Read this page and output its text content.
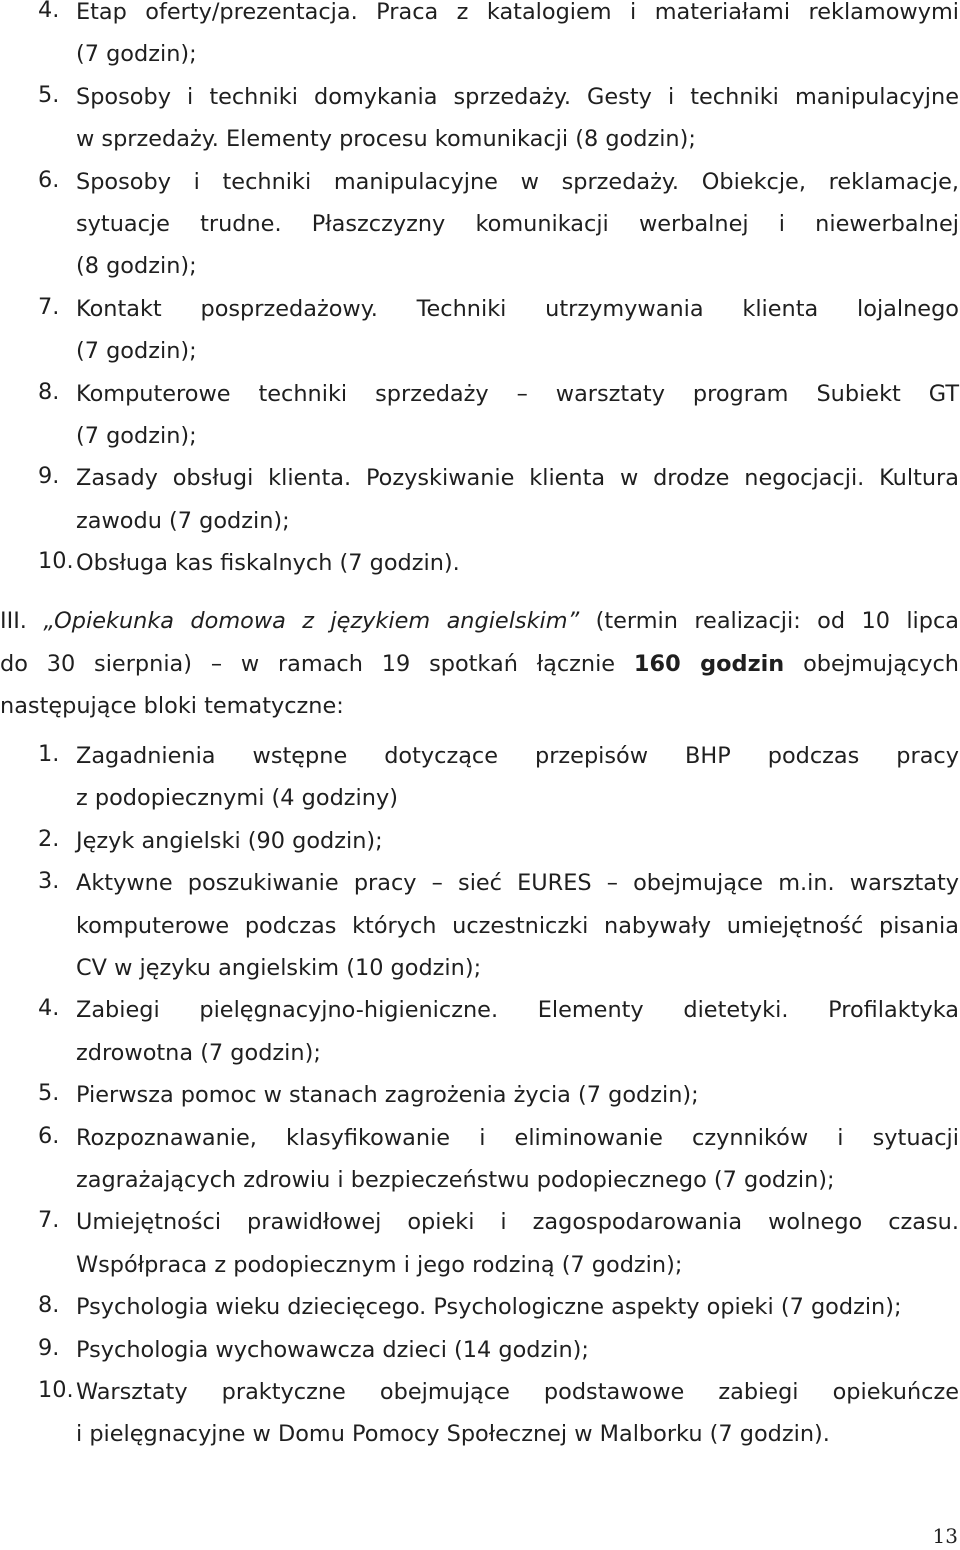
4. Etap oferty/prezentacja. Praca z katalogiem i materiałami reklamowymi
(7 godzin);
5. Sposoby i techniki domykania sprzedaży. Gesty i techniki manipulacyjne
w sprzedaży. Elementy procesu komunikacji (8 godzin);
6. Sposoby i techniki manipulacyjne w sprzedaży. Obiekcje, reklamacje,
sytuacje trudne. Płaszczyzny komunikacji werbalnej i niewerbalnej
(8 godzin);
7. Kontakt posprzedażowy. Techniki utrzymywania klienta lojalnego
(7 godzin);
8. Komputerowe techniki sprzedaży – warsztaty program Subiekt GT
(7 godzin);
9. Zasady obsługi klienta. Pozyskiwanie klienta w drodze negocjacji. Kultura
zawodu (7 godzin);
10. Obsługa kas fiskalnych (7 godzin).
III. „Opiekunka domowa z językiem angielskim” (termin realizacji: od 10 lipca
do 30 sierpnia) – w ramach 19 spotkań łącznie 160 godzin obejmujących
następujące bloki tematyczne:
1. Zagadnienia wstępne dotyczące przepisów BHP podczas pracy
z podopiecznymi (4 godziny)
2. Język angielski (90 godzin);
3. Aktywne poszukiwanie pracy – sieć EURES – obejmujące m.in. warsztaty
komputerowe podczas których uczestniczki nabywały umiejętność pisania
CV w języku angielskim (10 godzin);
4. Zabiegi pielęgnacyjno-higieniczne. Elementy dietetyki. Profilaktyka
zdrowotna (7 godzin);
5. Pierwsza pomoc w stanach zagrożenia życia (7 godzin);
6. Rozpoznawanie, klasyfikowanie i eliminowanie czynników i sytuacji
zagrażających zdrowiu i bezpieczeństwu podopiecznego (7 godzin);
7. Umiejętności prawidłowej opieki i zagospodarowania wolnego czasu.
Współpraca z podopiecznym i jego rodziną (7 godzin);
8. Psychologia wieku dziecięcego. Psychologiczne aspekty opieki (7 godzin);
9. Psychologia wychowawcza dzieci (14 godzin);
10. Warsztaty praktyczne obejmujące podstawowe zabiegi opiekuńcze
i pielęgnacyjne w Domu Pomocy Społecznej w Malborku (7 godzin).
13
